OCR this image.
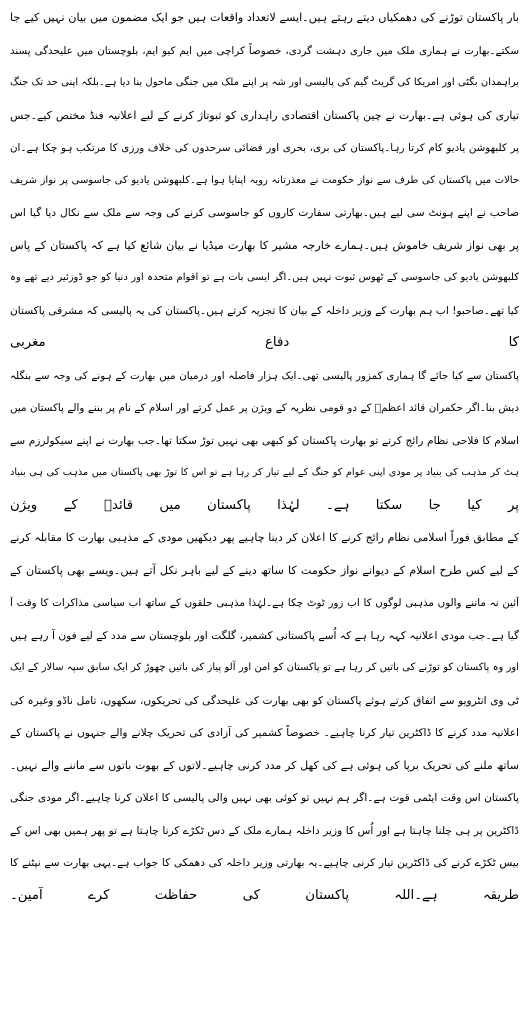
بار پاکستان توڑنے کی دھمکیاں دیتے رہتے ہیں۔ایسے لاتعداد واقعات ہیں جو ایک مضمون میں بیان نہیں کیے جا
سکتے۔بھارت نے ہماری ملک میں جاری دہشت گردی، خصوصاً کراچی میں ایم کیو ایم، بلوچستان میں علیحدگی پسند
براہمدان بگٹی اور امریکا کی گریٹ گیم کی پالیسی اور شہ پر اپنے ملک میں جنگی ماحول بنا دیا ہے۔بلکہ اپنی حد تک جنگ
تیاری کی ہوئی ہے۔بھارت نے چین پاکستان اقتصادی راہداری کو ثبوتاژ کرنے کے لیے اعلانیہ فنڈ مختص کیے۔جس
پر کلبھوشن یادیو کام کرتا رہا۔پاکستان کی بری، بحری اور فضائی سرحدوں کی خلاف ورزی کا مرتکب ہو چکا ہے۔ان
حالات میں پاکستان کی طرف سے نواز حکومت نے معذرتانہ رویہ اپنایا ہوا ہے۔کلبھوشن یادیو کی جاسوسی پر نواز شریف
صاحب نے اپنے ہونٹ سی لیے ہیں۔بھارتی سفارت کاروں کو جاسوسی کرنے کی وجہ سے ملک سے نکال دیا گیا اس
پر بھی نواز شریف خاموش ہیں۔ہمارے خارجہ مشیر کا بھارت میڈیا نے بیان شائع کیا ہے کہ پاکستان کے پاس
کلبھوشن یادیو کی جاسوسی کے ٹھوس ثبوت نہیں ہیں۔اگر ایسی بات ہے تو اقوام متحدہ اور دنیا کو جو ڈوزئیر دیے تھے وہ
کیا تھے۔صاحبو! اب ہم بھارت کے وزیر داخلہ کے بیان کا تجزیہ کرتے ہیں۔پاکستان کی یہ پالیسی کہ مشرقی پاکستان
کا دفاع مغربی
پاکستان سے کیا جائے گا ہماری کمزور پالیسی تھی۔ایک ہزار فاصلہ اور درمیان میں بھارت کے ہونے کی وجہ سے بنگلہ
دیش بنا۔اگر حکمران قائد اعظمؒ کے دو قومی نظریہ کے ویژن پر عمل کرتے اور اسلام کے نام پر بننے والے پاکستان میں
اسلام کا فلاحی نظام رائج کرتے تو بھارت پاکستان کو کبھی بھی نہیں توڑ سکتا تھا۔جب بھارت نے اپنے سیکولرزم سے
ہٹ کر مذہب کی بنیاد پر مودی اپنی عوام کو جنگ کے لیے تیار کر رہا ہے تو اس کا توڑ بھی پاکستان میں مذہب کی ہی بنیاد
پر کیا جا سکتا ہے۔ لہٰذا پاکستان میں قائدؒ کے ویژن
کے مطابق فوراً اسلامی نظام رائج کرنے کا اعلان کر دینا چاہیے پھر دیکھیں مودی کے مذہبی بھارت کا مقابلہ کرنے
کے لیے کس طرح اسلام کے دیوانے نواز حکومت کا ساتھ دینے کے لیے باہر نکل آتے ہیں۔ویسے بھی پاکستان کے
آئین نہ ماننے والوں مذہبی لوگوں کا اب زور ٹوٹ چکا ہے۔لہٰذا مذہبی حلقوں کے ساتھ اب سیاسی مذاکرات کا وقت آ
گیا ہے۔جب مودی اعلانیہ کہہ رہا ہے کہ اُسے پاکستانی کشمیر، گلگت اور بلوچستان سے مدد کے لیے فون آ رہے ہیں
اور وہ پاکستان کو توڑنے کی باتیں کر رہا ہے تو پاکستان کو امن اور آلو پیاز کی باتیں چھوڑ کر ایک سابق سپہ سالار کے ایک
ٹی وی انٹرویو سے اتفاق کرتے ہوئے پاکستان کو بھی بھارت کی علیحدگی کی تحریکوں، سکھوں، تامل ناڈو وغیرہ کی
اعلانیہ مدد کرنے کا ڈاکٹرین تیار کرنا چاہیے۔ خصوصاً کشمیر کی آزادی کی تحریک چلانے والے جنہوں نے پاکستان کے
ساتھ ملنے کی تحریک برپا کی ہوئی ہے کی کھل کر مدد کرنی چاہیے۔لاتوں کے بھوت باتوں سے ماننے والے نہیں۔
پاکستان اس وقت ایٹمی قوت ہے۔اگر ہم نہیں تو کوئی بھی نہیں والی پالیسی کا اعلان کرنا چاہیے۔اگر مودی جنگی
ڈاکٹرین پر ہی چلنا چاہتا ہے اور اُس کا وزیر داخلہ ہمارے ملک کے دس ٹکڑے کرنا چاہتا ہے تو پھر ہمیں بھی اس کے
بیس ٹکڑے کرنے کی ڈاکٹرین تیار کرنی چاہیے۔یہ بھارتی وزیر داخلہ کی دھمکی کا جواب ہے۔یہی بھارت سے نپٹنے کا
طریقہ ہے۔اللہ پاکستان کی حفاظت کرے آمین۔
